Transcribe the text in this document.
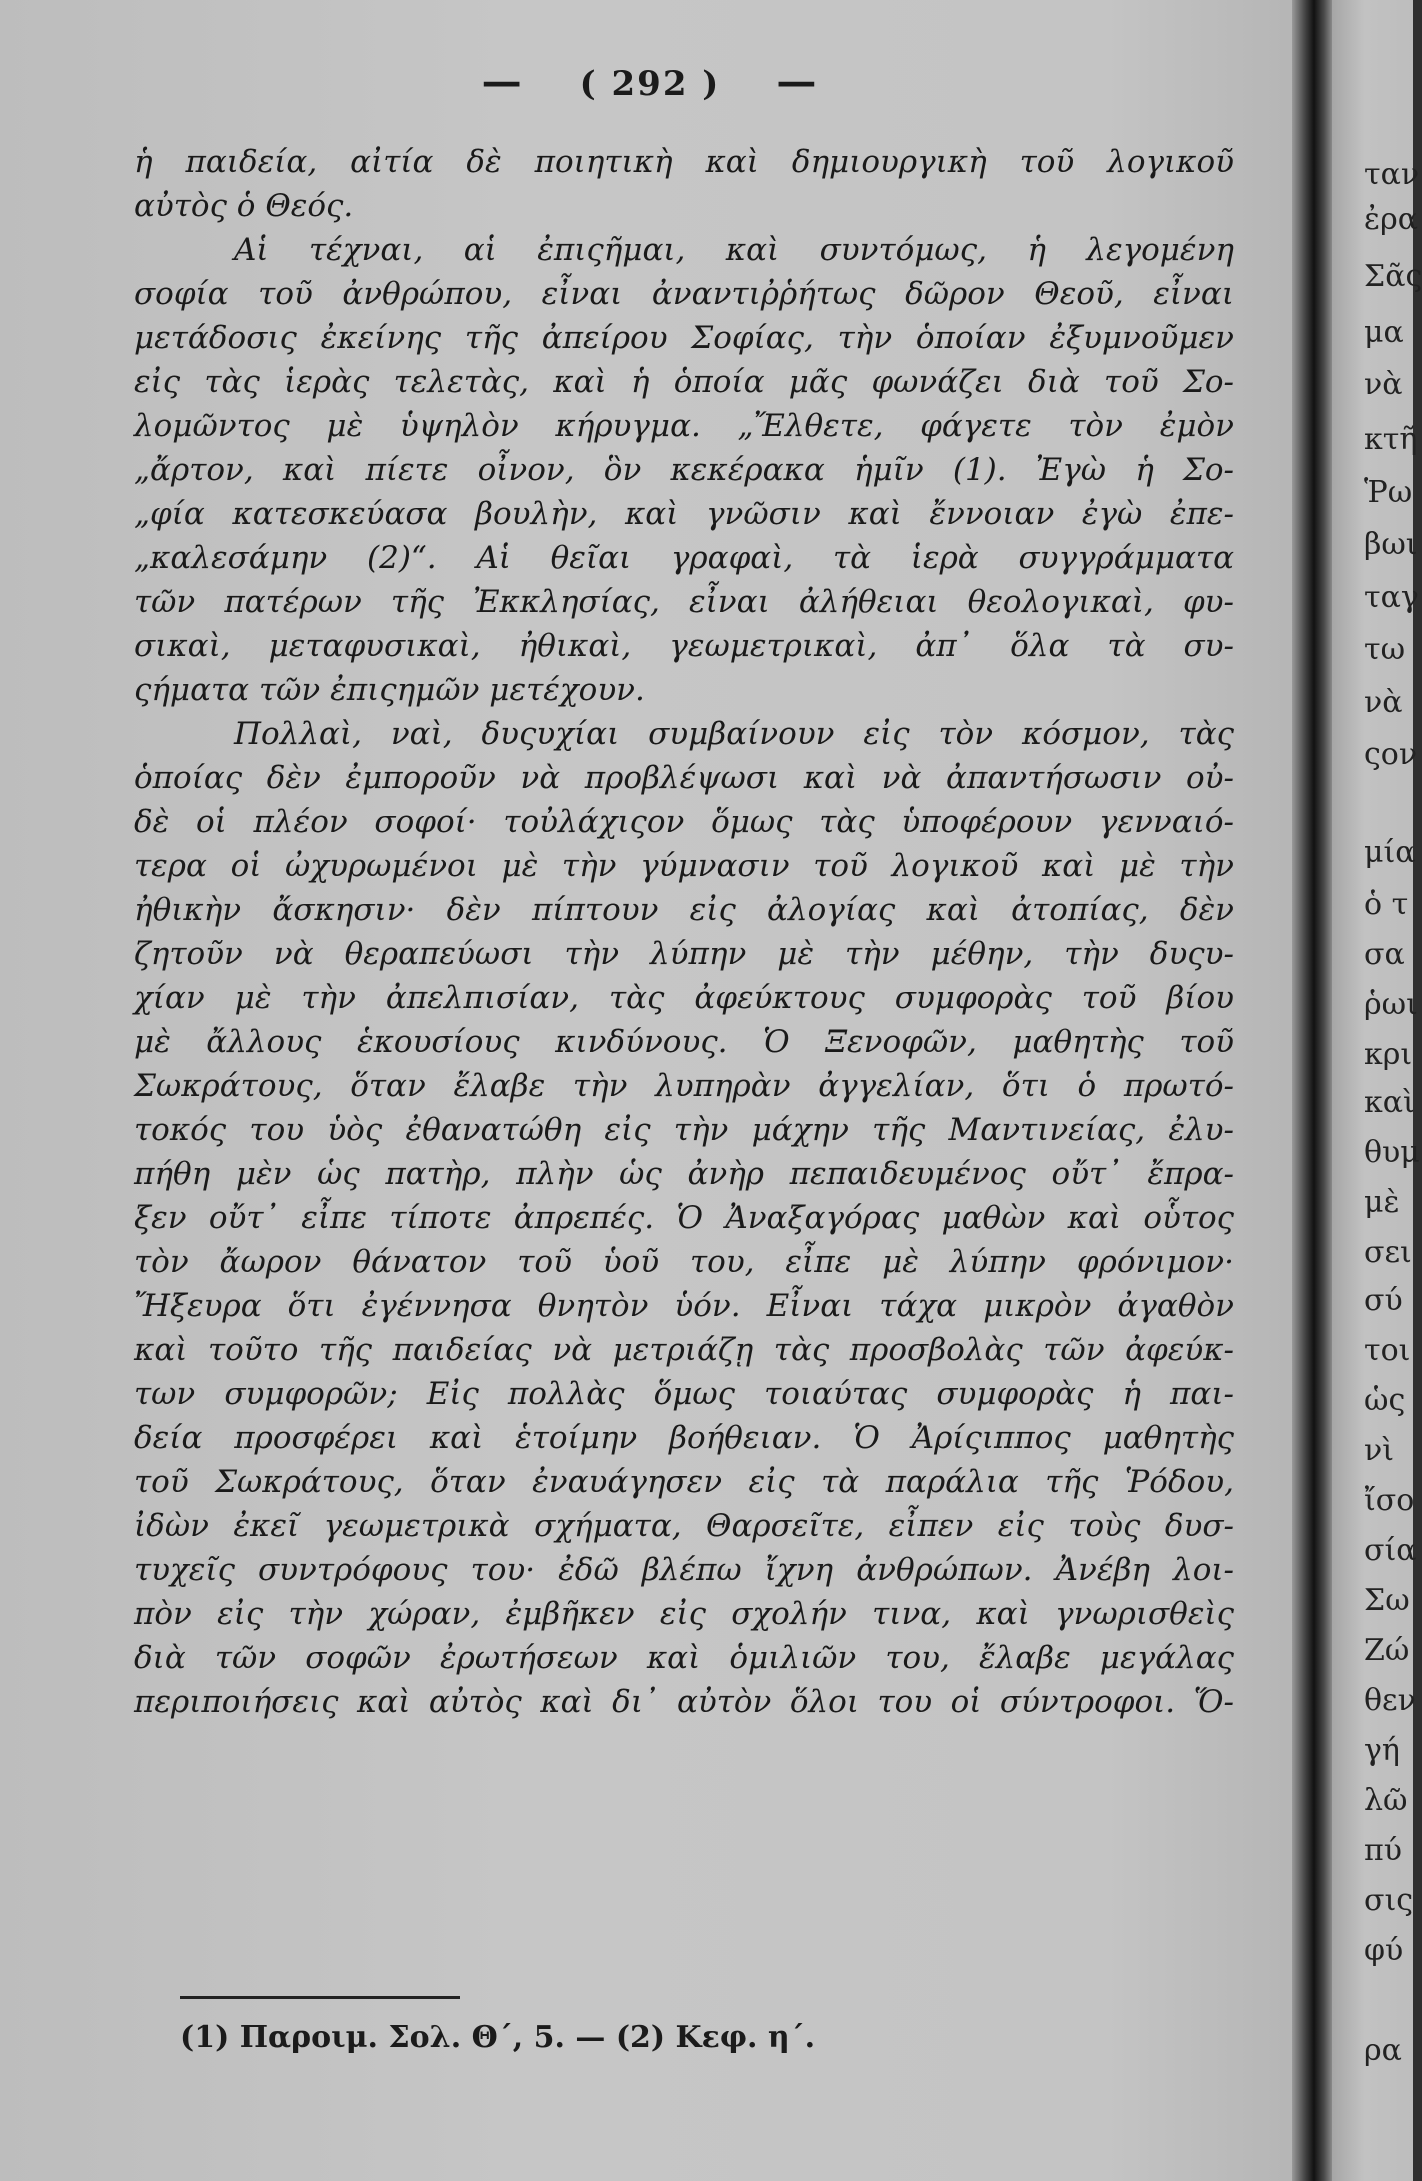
ταν
ἐρα
Σᾶς
μα
νὰ
κτῆ
Ῥω
βωι
ταγ
τω
νὰ
ςον
μία
ὁ τ
σα
ῥωι
κρι
καὶ
θυμ
μὲ
σει
σύ
τοι
ὡς
νὶ
ἴσο
σία
Σω
Ζώ
θεν
γή
λῶ
πύ
σις
φύ
ρα
— ( 292 ) —
ἡ παιδεία, αἰτία δὲ ποιητικὴ καὶ δημιουργικὴ τοῦ λογικοῦ
αὐτὸς ὁ Θεός.
Αἱ τέχναι, αἱ ἐπιςῆμαι, καὶ συντόμως, ἡ λεγομένη
σοφία τοῦ ἀνθρώπου, εἶναι ἀναντιῤῥήτως δῶρον Θεοῦ, εἶναι
μετάδοσις ἐκείνης τῆς ἀπείρου Σοφίας, τὴν ὁποίαν ἐξυμνοῦμεν
εἰς τὰς ἱερὰς τελετὰς, καὶ ἡ ὁποία μᾶς φωνάζει διὰ τοῦ Σο-
λομῶντος μὲ ὑψηλὸν κήρυγμα. „Ἔλθετε, φάγετε τὸν ἐμὸν
„ἄρτον, καὶ πίετε οἶνον, ὃν κεκέρακα ἡμῖν (1). Ἐγὼ ἡ Σο-
„φία κατεσκεύασα βουλὴν, καὶ γνῶσιν καὶ ἔννοιαν ἐγὼ ἐπε-
„καλεσάμην (2)“. Αἱ θεῖαι γραφαὶ, τὰ ἱερὰ συγγράμματα
τῶν πατέρων τῆς Ἐκκλησίας, εἶναι ἀλήθειαι θεολογικαὶ, φυ-
σικαὶ, μεταφυσικαὶ, ἠθικαὶ, γεωμετρικαὶ, ἀπ᾽ ὅλα τὰ συ-
ςήματα τῶν ἐπιςημῶν μετέχουν.
Πολλαὶ, ναὶ, δυςυχίαι συμβαίνουν εἰς τὸν κόσμον, τὰς
ὁποίας δὲν ἐμποροῦν νὰ προβλέψωσι καὶ νὰ ἀπαντήσωσιν οὐ-
δὲ οἱ πλέον σοφοί· τοὐλάχιςον ὅμως τὰς ὑποφέρουν γενναιό-
τερα οἱ ὠχυρωμένοι μὲ τὴν γύμνασιν τοῦ λογικοῦ καὶ μὲ τὴν
ἠθικὴν ἄσκησιν· δὲν πίπτουν εἰς ἀλογίας καὶ ἀτοπίας, δὲν
ζητοῦν νὰ θεραπεύωσι τὴν λύπην μὲ τὴν μέθην, τὴν δυςυ-
χίαν μὲ τὴν ἀπελπισίαν, τὰς ἀφεύκτους συμφορὰς τοῦ βίου
μὲ ἄλλους ἑκουσίους κινδύνους. Ὁ Ξενοφῶν, μαθητὴς τοῦ
Σωκράτους, ὅταν ἔλαβε τὴν λυπηρὰν ἀγγελίαν, ὅτι ὁ πρωτό-
τοκός του ὑὸς ἐθανατώθη εἰς τὴν μάχην τῆς Μαντινείας, ἐλυ-
πήθη μὲν ὡς πατὴρ, πλὴν ὡς ἀνὴρ πεπαιδευμένος οὔτ᾽ ἔπρα-
ξεν οὔτ᾽ εἶπε τίποτε ἀπρεπές. Ὁ Ἀναξαγόρας μαθὼν καὶ οὗτος
τὸν ἄωρον θάνατον τοῦ ὑοῦ του, εἶπε μὲ λύπην φρόνιμον·
Ἤξευρα ὅτι ἐγέννησα θνητὸν ὑόν. Εἶναι τάχα μικρὸν ἀγαθὸν
καὶ τοῦτο τῆς παιδείας νὰ μετριάζῃ τὰς προσβολὰς τῶν ἀφεύκ-
των συμφορῶν; Εἰς πολλὰς ὅμως τοιαύτας συμφορὰς ἡ παι-
δεία προσφέρει καὶ ἑτοίμην βοήθειαν. Ὁ Ἀρίςιππος μαθητὴς
τοῦ Σωκράτους, ὅταν ἐναυάγησεν εἰς τὰ παράλια τῆς Ῥόδου,
ἰδὼν ἐκεῖ γεωμετρικὰ σχήματα, Θαρσεῖτε, εἶπεν εἰς τοὺς δυσ-
τυχεῖς συντρόφους του· ἐδῶ βλέπω ἴχνη ἀνθρώπων. Ἀνέβη λοι-
πὸν εἰς τὴν χώραν, ἐμβῆκεν εἰς σχολήν τινα, καὶ γνωρισθεὶς
διὰ τῶν σοφῶν ἐρωτήσεων καὶ ὁμιλιῶν του, ἔλαβε μεγάλας
περιποιήσεις καὶ αὐτὸς καὶ δι᾽ αὐτὸν ὅλοι του οἱ σύντροφοι. Ὅ-
(1) Παροιμ. Σολ. Θ΄, 5. — (2) Κεφ. η΄.
